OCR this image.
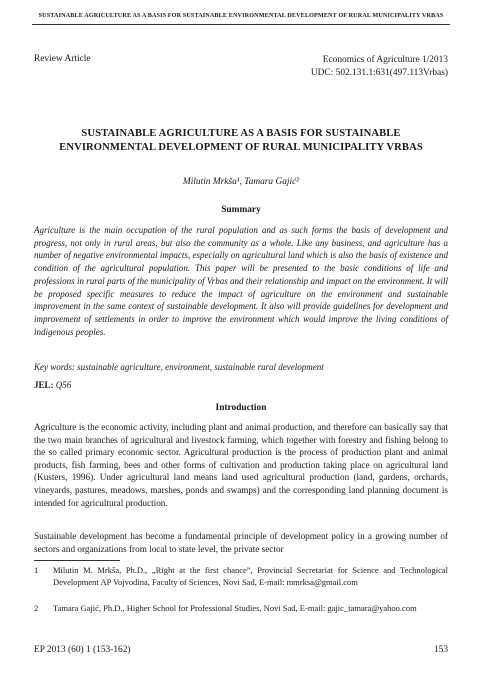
SUSTAINABLE AGRICULTURE AS A BASIS FOR SUSTAINABLE ENVIRONMENTAL DEVELOPMENT OF RURAL MUNICIPALITY VRBAS
Review Article	Economics of Agriculture 1/2013
UDC: 502.131.1:631(497.113Vrbas)
SUSTAINABLE AGRICULTURE AS A BASIS FOR SUSTAINABLE
ENVIRONMENTAL DEVELOPMENT OF RURAL MUNICIPALITY VRBAS
Milutin Mrkša¹, Tamara Gajić²
Summary
Agriculture is the main occupation of the rural population and as such forms the basis of development and progress, not only in rural areas, but also the community as a whole. Like any business, and agriculture has a number of negative environmental impacts, especially on agricultural land which is also the basis of existence and condition of the agricultural population. This paper will be presented to the basic conditions of life and professions in rural parts of the municipality of Vrbas and their relationship and impact on the environment. It will be proposed specific measures to reduce the impact of agriculture on the environment and sustainable improvement in the same context of sustainable development. It also will provide guidelines for development and improvement of settlements in order to improve the environment which would improve the living conditions of indigenous peoples.
Key words: sustainable agriculture, environment, sustainable rural development
JEL: Q56
Introduction
Agriculture is the economic activity, including plant and animal production, and therefore can basically say that the two main branches of agricultural and livestock farming, which together with forestry and fishing belong to the so called primary economic sector. Agricultural production is the process of production plant and animal products, fish farming, bees and other forms of cultivation and production taking place on agricultural land (Kusters, 1996). Under agricultural land means land used agricultural production (land, gardens, orchards, vineyards, pastures, meadows, marshes, ponds and swamps) and the corresponding land planning document is intended for agricultural production.
Sustainable development has become a fundamental principle of development policy in a growing number of sectors and organizations from local to state level, the private sector
1 Milutin M. Mrkša, Ph.D., „Right at the first chance”, Provincial Secretariat for Science and Technological Development AP Vojvodina, Faculty of Sciences, Novi Sad, E-mail: mmrksa@gmail.com
2 Tamara Gajić, Ph.D., Higher School for Professional Studies, Novi Sad, E-mail: gajic_tamara@yahoo.com
EP 2013 (60) 1 (153-162)	153
